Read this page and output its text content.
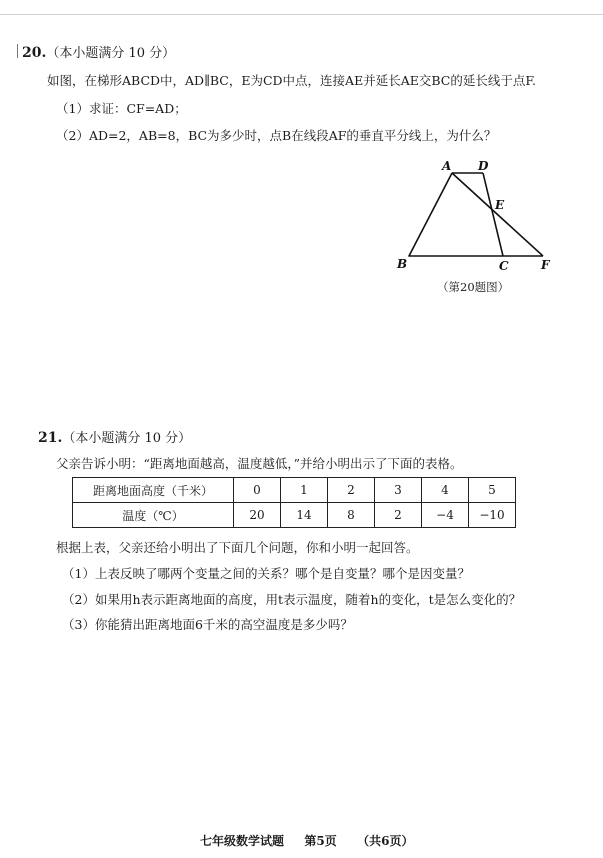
20.（本小题满分 10 分）
如图，在梯形ABCD中，AD∥BC，E为CD中点，连接AE并延长AE交BC的延长线于点F.
（1）求证：CF=AD；
（2）AD=2，AB=8，BC为多少时，点B在线段AF的垂直平分线上，为什么？
A D
E
B	C	F
（第20题图）
21.（本小题满分 10 分）
父亲告诉小明：“距离地面越高，温度越低，”并给小明出示了下面的表格。
距离地面高度（千米）	0	1	2	3	4	5
温度（℃）	20	14	8	2	−4	−10
根据上表，父亲还给小明出了下面几个问题，你和小明一起回答。
（1）上表反映了哪两个变量之间的关系？哪个是自变量？哪个是因变量？
（2）如果用h表示距离地面的高度，用t表示温度，随着h的变化，t是怎么变化的？
（3）你能猜出距离地面6千米的高空温度是多少吗？
七年级数学试题 第5页 （共6页）
